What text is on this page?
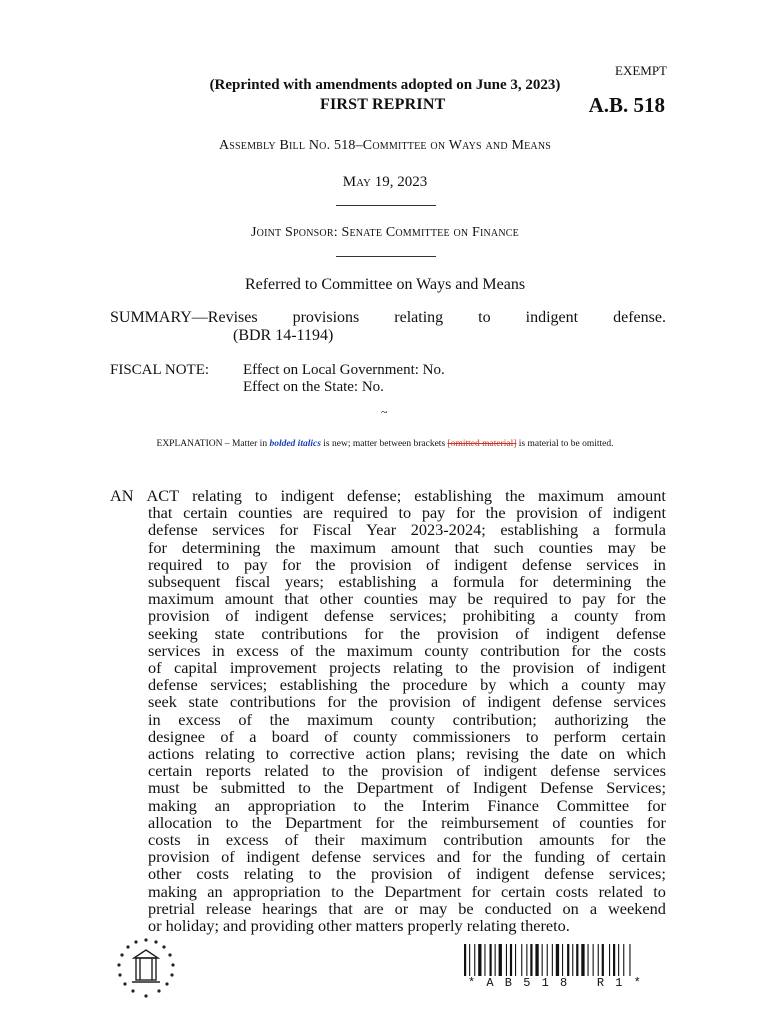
EXEMPT
(Reprinted with amendments adopted on June 3, 2023)
FIRST REPRINT	A.B. 518
Assembly Bill No. 518–Committee on Ways and Means
May 19, 2023
Joint Sponsor: Senate Committee on Finance
Referred to Committee on Ways and Means
SUMMARY—Revises provisions relating to indigent defense.
(BDR 14-1194)
FISCAL NOTE: Effect on Local Government: No.
Effect on the State: No.
~
EXPLANATION – Matter in bolded italics is new; matter between brackets [omitted material] is material to be omitted.
AN ACT relating to indigent defense; establishing the maximum amount
that certain counties are required to pay for the provision of indigent
defense services for Fiscal Year 2023-2024; establishing a formula
for determining the maximum amount that such counties may be
required to pay for the provision of indigent defense services in
subsequent fiscal years; establishing a formula for determining the
maximum amount that other counties may be required to pay for the
provision of indigent defense services; prohibiting a county from
seeking state contributions for the provision of indigent defense
services in excess of the maximum county contribution for the costs
of capital improvement projects relating to the provision of indigent
defense services; establishing the procedure by which a county may
seek state contributions for the provision of indigent defense services
in excess of the maximum county contribution; authorizing the
designee of a board of county commissioners to perform certain
actions relating to corrective action plans; revising the date on which
certain reports related to the provision of indigent defense services
must be submitted to the Department of Indigent Defense Services;
making an appropriation to the Interim Finance Committee for
allocation to the Department for the reimbursement of counties for
costs in excess of their maximum contribution amounts for the
provision of indigent defense services and for the funding of certain
other costs relating to the provision of indigent defense services;
making an appropriation to the Department for certain costs related to
pretrial release hearings that are or may be conducted on a weekend
or holiday; and providing other matters properly relating thereto.
* A B 5 1 8   R 1 *
